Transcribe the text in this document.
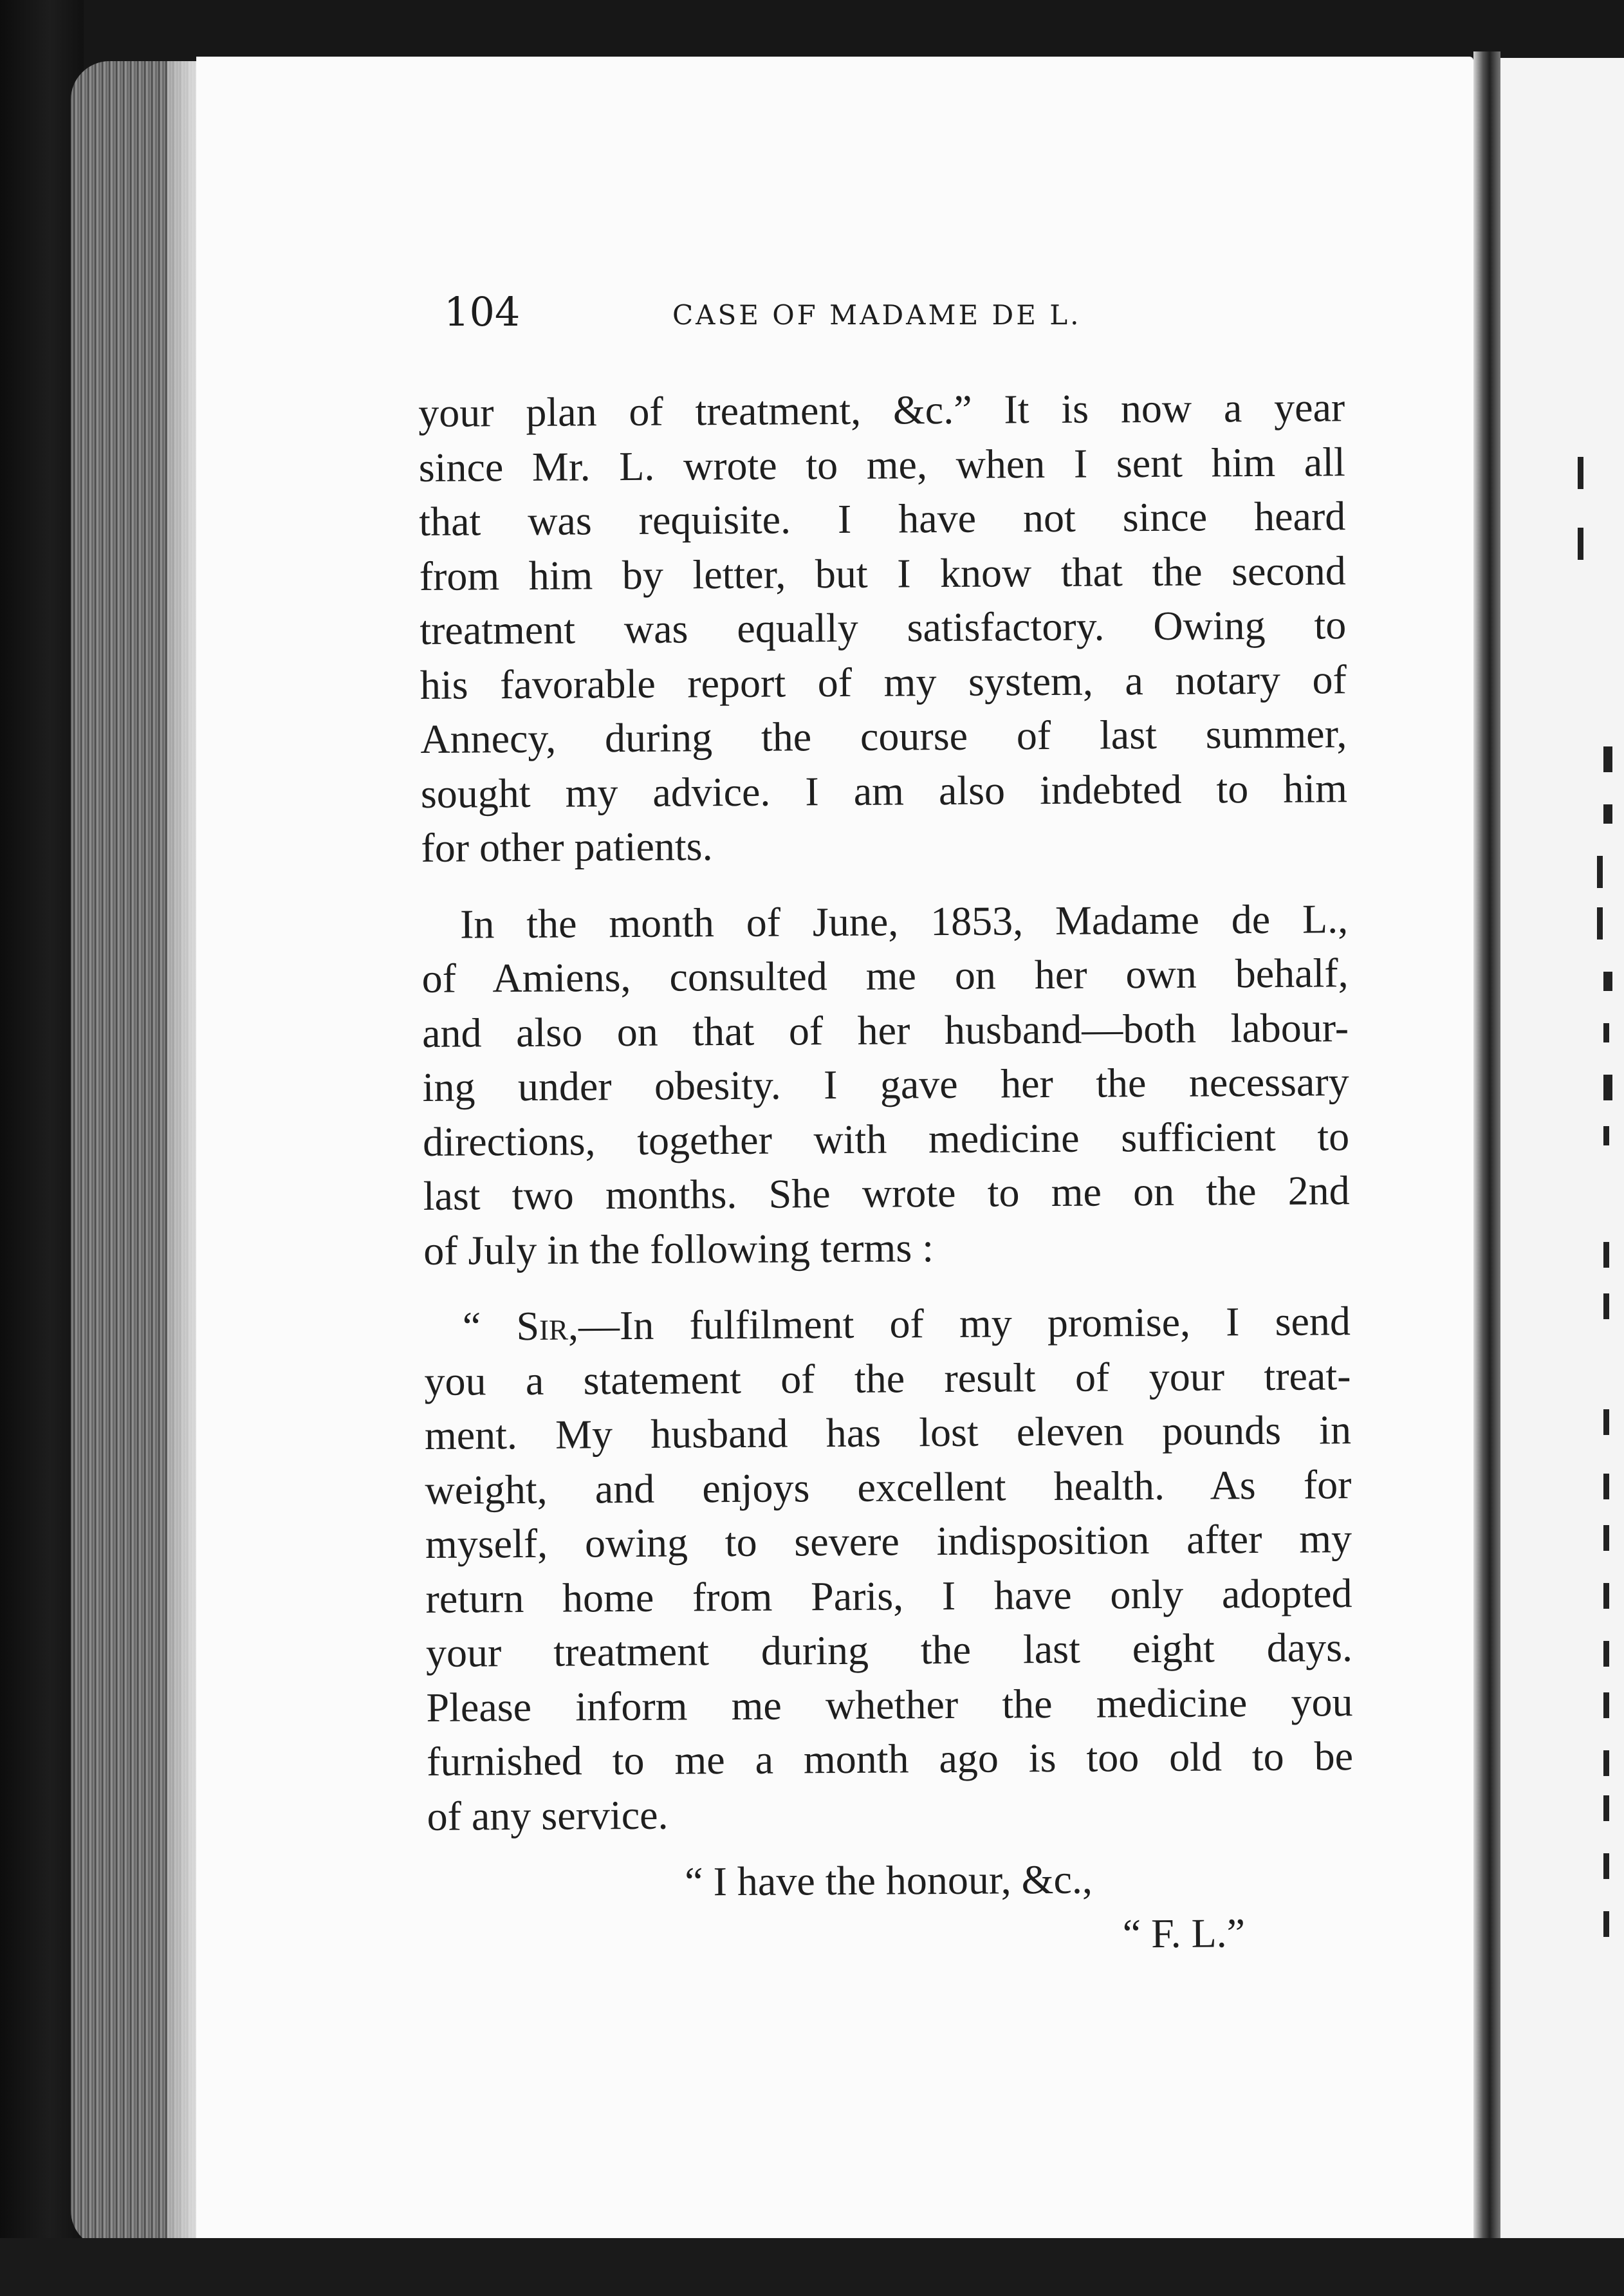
104	CASE OF MADAME DE L.
your plan of treatment, &c.” It is now a year
since Mr. L. wrote to me, when I sent him all
that was requisite. I have not since heard
from him by letter, but I know that the second
treatment was equally satisfactory. Owing to
his favorable report of my system, a notary of
Annecy, during the course of last summer,
sought my advice. I am also indebted to him
for other patients.
In the month of June, 1853, Madame de L.,
of Amiens, consulted me on her own behalf,
and also on that of her husband—both labour-
ing under obesity. I gave her the necessary
directions, together with medicine sufficient to
last two months. She wrote to me on the 2nd
of July in the following terms :
“ Sir,—In fulfilment of my promise, I send
you a statement of the result of your treat-
ment. My husband has lost eleven pounds in
weight, and enjoys excellent health. As for
myself, owing to severe indisposition after my
return home from Paris, I have only adopted
your treatment during the last eight days.
Please inform me whether the medicine you
furnished to me a month ago is too old to be
of any service.
“ I have the honour, &c.,
“ F. L.”
